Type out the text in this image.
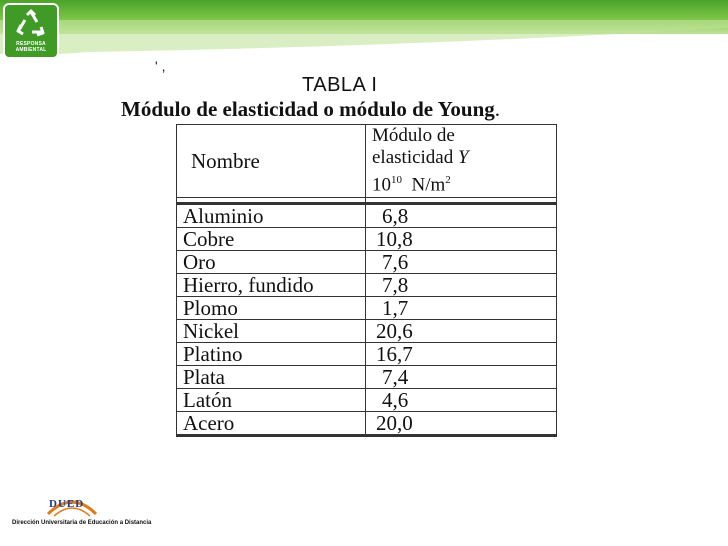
RESPONSA AMBIENTAL
' ,
TABLA I
Módulo de elasticidad o módulo de Young.
Nombre	Módulo de
elasticidad Y
$10^{10}$ $N/m^2$

Aluminio	6,8
Cobre	10,8
Oro	7,6
Hierro, fundido	7,8
Plomo	1,7
Nickel	20,6
Platino	16,7
Plata	7,4
Latón	4,6
Acero	20,0
DUED
Dirección Universitaria de Educación a Distancia
